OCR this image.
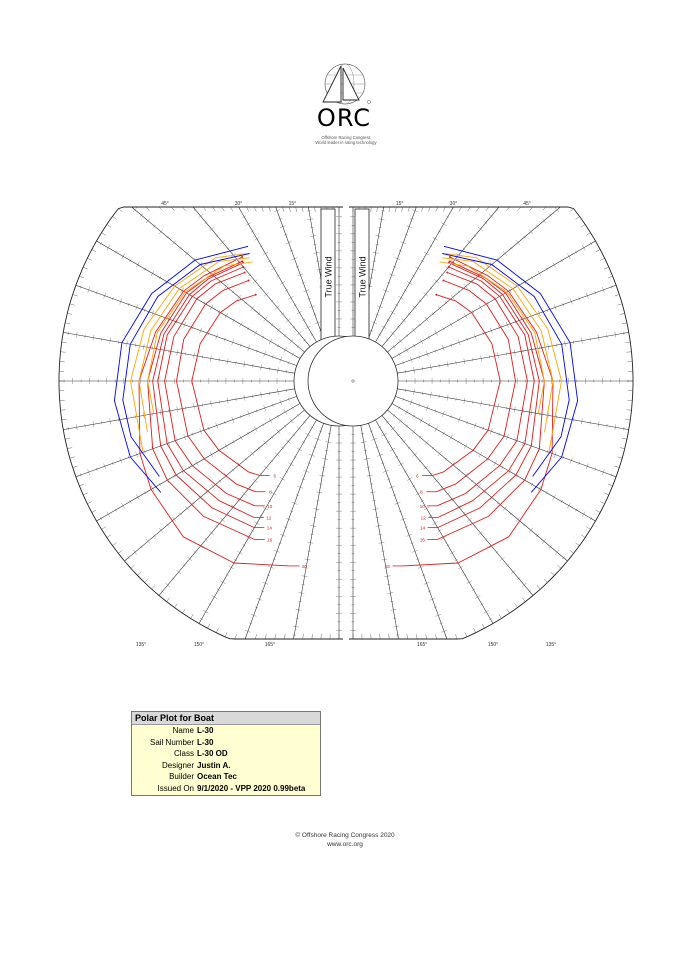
ORC
Offshore Racing Congress
World leader in rating technology
45°	30°	15°
165°
150°
135°
True Wind
6
8
10
12
14
16
20
45°
30°
15°
165°	150°	135°
True Wind
6
8
10
12
14
16
20
Polar Plot for Boat
Name L-30
Sail Number L-30
Class L-30 OD
Designer Justin A.
Builder Ocean Tec
Issued On 9/1/2020 - VPP 2020 0.99beta
© Offshore Racing Congress 2020
www.orc.org
